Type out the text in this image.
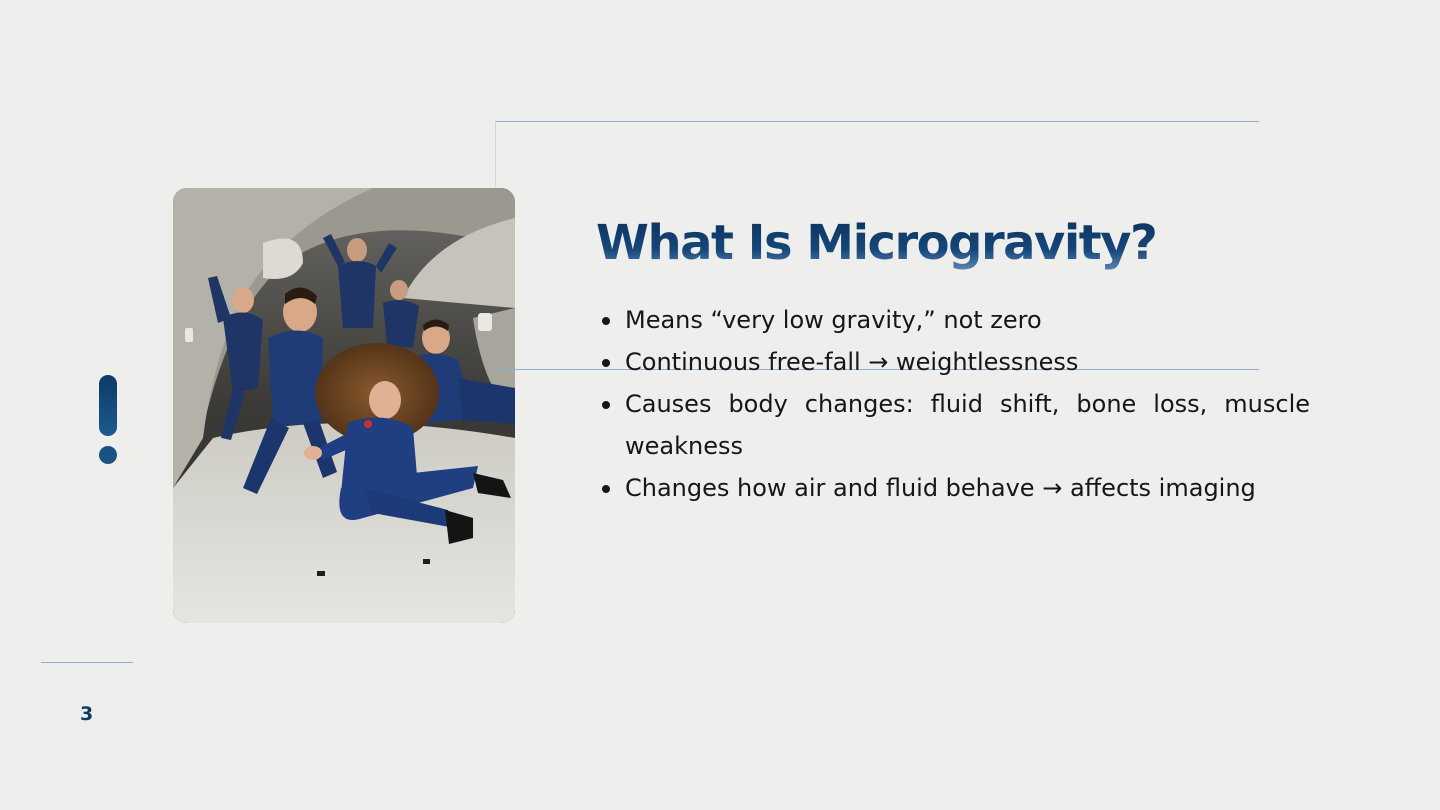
What Is Microgravity?
Means “very low gravity,” not zero
Continuous free-fall → weightlessness
Causes body changes: fluid shift, bone loss, muscle weakness
Changes how air and fluid behave → affects imaging
3
